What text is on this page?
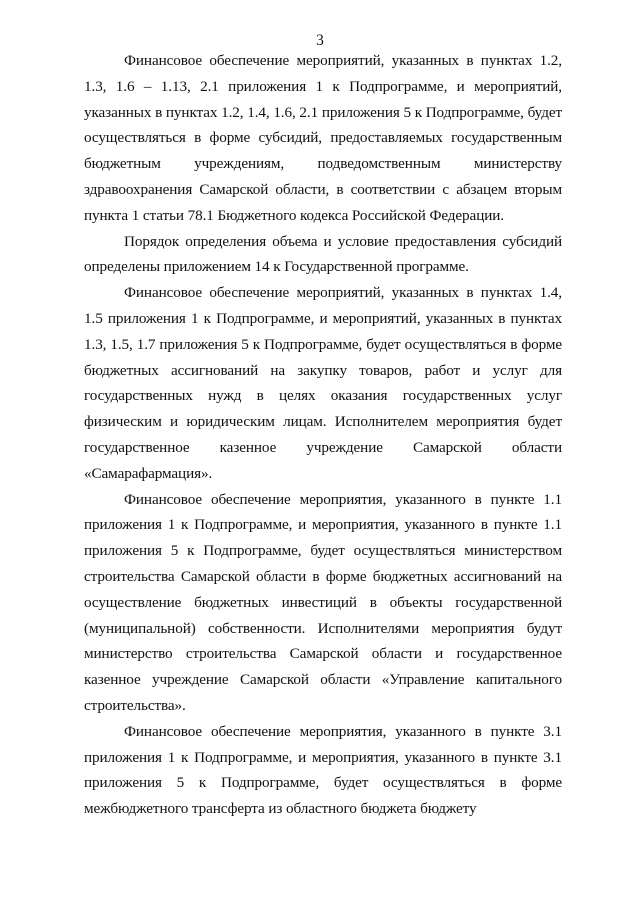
3

Финансовое обеспечение мероприятий, указанных в пунктах 1.2, 1.3, 1.6 – 1.13, 2.1 приложения 1 к Подпрограмме, и мероприятий, указанных в пунктах 1.2, 1.4, 1.6, 2.1 приложения 5 к Подпрограмме, будет осуществляться в форме субсидий, предоставляемых государственным бюджетным учреждениям, подведомственным министерству здравоохранения Самарской области, в соответствии с абзацем вторым пункта 1 статьи 78.1 Бюджетного кодекса Российской Федерации.

Порядок определения объема и условие предоставления субсидий определены приложением 14 к Государственной программе.

Финансовое обеспечение мероприятий, указанных в пунктах 1.4, 1.5 приложения 1 к Подпрограмме, и мероприятий, указанных в пунктах 1.3, 1.5, 1.7 приложения 5 к Подпрограмме, будет осуществляться в форме бюджетных ассигнований на закупку товаров, работ и услуг для государственных нужд в целях оказания государственных услуг физическим и юридическим лицам. Исполнителем мероприятия будет государственное казенное учреждение Самарской области «Самарафармация».

Финансовое обеспечение мероприятия, указанного в пункте 1.1 приложения 1 к Подпрограмме, и мероприятия, указанного в пункте 1.1 приложения 5 к Подпрограмме, будет осуществляться министерством строительства Самарской области в форме бюджетных ассигнований на осуществление бюджетных инвестиций в объекты государственной (муниципальной) собственности. Исполнителями мероприятия будут министерство строительства Самарской области и государственное казенное учреждение Самарской области «Управление капитального строительства».

Финансовое обеспечение мероприятия, указанного в пункте 3.1 приложения 1 к Подпрограмме, и мероприятия, указанного в пункте 3.1 приложения 5 к Подпрограмме, будет осуществляться в форме межбюджетного трансферта из областного бюджета бюджету
